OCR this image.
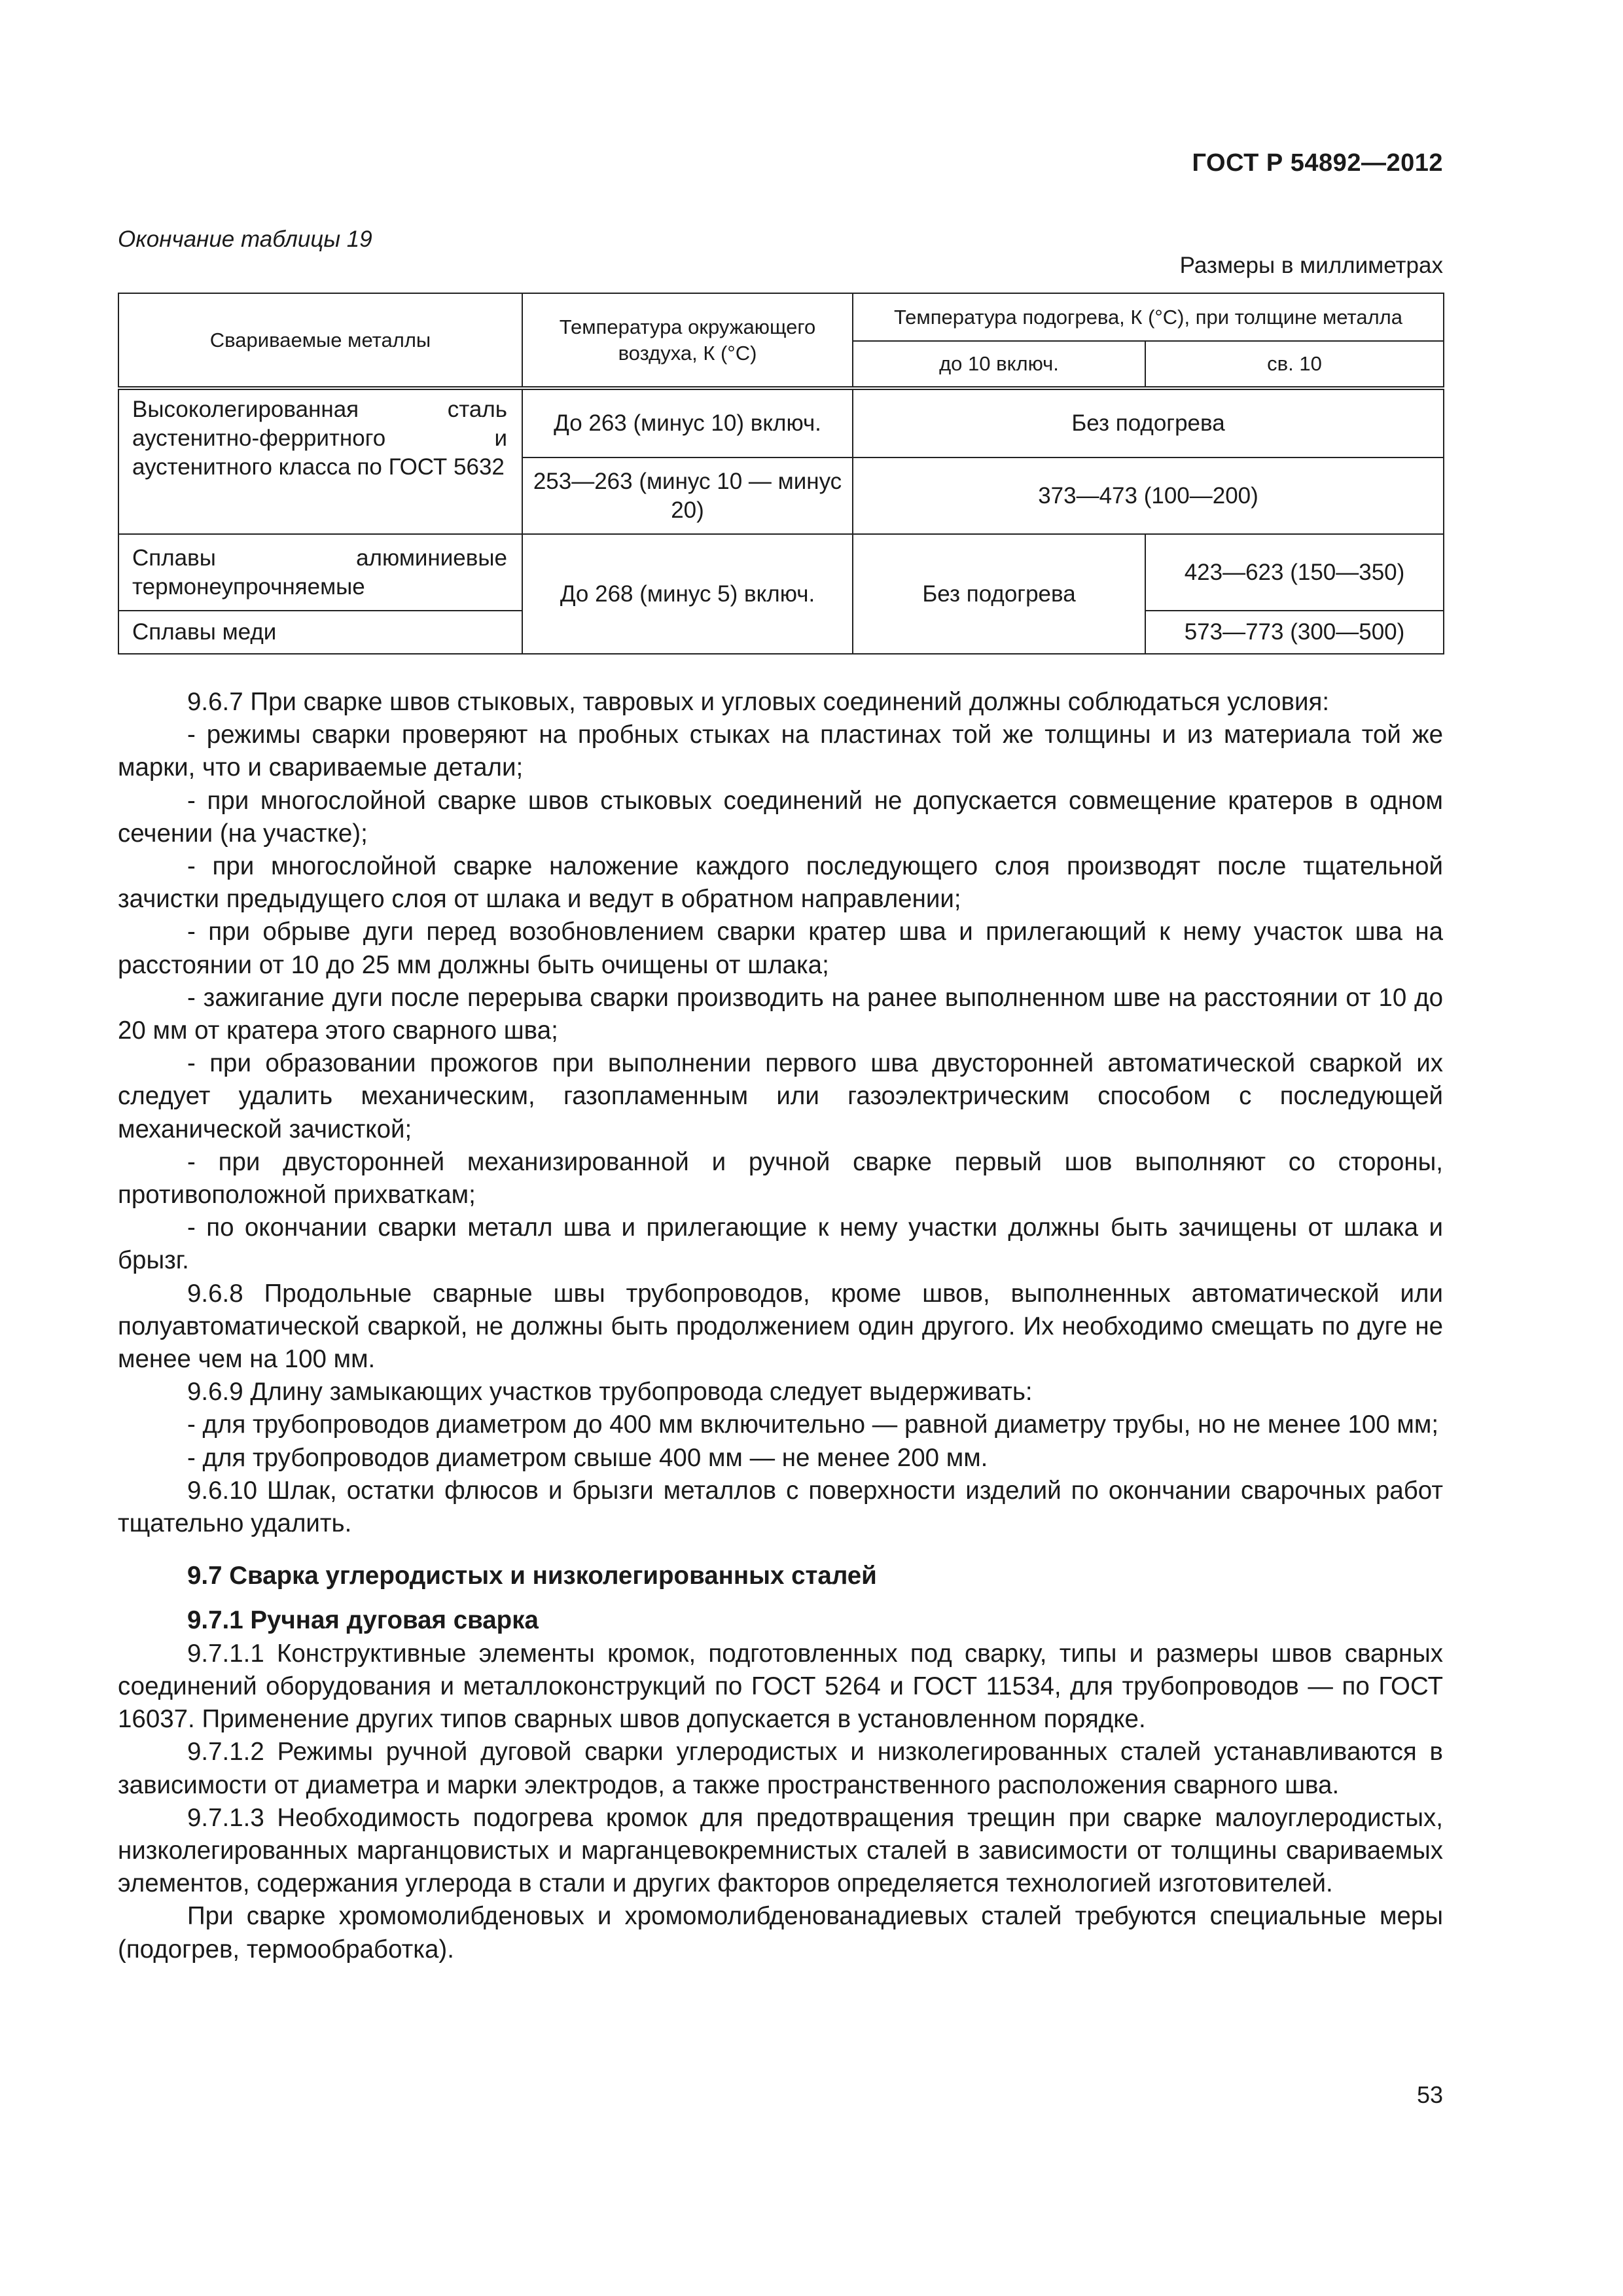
ГОСТ Р 54892—2012
Окончание таблицы 19
Размеры в миллиметрах
Свариваемые металлы	Температура окружающего воздуха, К (°С)	Температура подогрева, К (°С), при толщине металла	
		до 10 включ.	св. 10
Высоколегированная сталь аустенитно-ферритного и аустенитного класса по ГОСТ 5632	До 263 (минус 10) включ.	Без подогрева	
	253—263 (минус 10 — минус 20)	373—473 (100—200)	
Сплавы алюминиевые термонеупрочняемые	До 268 (минус 5) включ.	Без подогрева	423—623 (150—350)
Сплавы меди			573—773 (300—500)

9.6.7 При сварке швов стыковых, тавровых и угловых соединений должны соблюдаться условия:

- режимы сварки проверяют на пробных стыках на пластинах той же толщины и из материала той же марки, что и свариваемые детали;

- при многослойной сварке швов стыковых соединений не допускается совмещение кратеров в одном сечении (на участке);

- при многослойной сварке наложение каждого последующего слоя производят после тщательной зачистки предыдущего слоя от шлака и ведут в обратном направлении;

- при обрыве дуги перед возобновлением сварки кратер шва и прилегающий к нему участок шва на расстоянии от 10 до 25 мм должны быть очищены от шлака;

- зажигание дуги после перерыва сварки производить на ранее выполненном шве на расстоянии от 10 до 20 мм от кратера этого сварного шва;

- при образовании прожогов при выполнении первого шва двусторонней автоматической сваркой их следует удалить механическим, газопламенным или газоэлектрическим способом с последующей механической зачисткой;

- при двусторонней механизированной и ручной сварке первый шов выполняют со стороны, противоположной прихваткам;

- по окончании сварки металл шва и прилегающие к нему участки должны быть зачищены от шлака и брызг.

9.6.8 Продольные сварные швы трубопроводов, кроме швов, выполненных автоматической или полуавтоматической сваркой, не должны быть продолжением один другого. Их необходимо смещать по дуге не менее чем на 100 мм.

9.6.9 Длину замыкающих участков трубопровода следует выдерживать:

- для трубопроводов диаметром до 400 мм включительно — равной диаметру трубы, но не менее 100 мм;

- для трубопроводов диаметром свыше 400 мм — не менее 200 мм.

9.6.10 Шлак, остатки флюсов и брызги металлов с поверхности изделий по окончании сварочных работ тщательно удалить.

9.7 Сварка углеродистых и низколегированных сталей
9.7.1 Ручная дуговая сварка

9.7.1.1 Конструктивные элементы кромок, подготовленных под сварку, типы и размеры швов сварных соединений оборудования и металлоконструкций по ГОСТ 5264 и ГОСТ 11534, для трубопроводов — по ГОСТ 16037. Применение других типов сварных швов допускается в установленном порядке.

9.7.1.2 Режимы ручной дуговой сварки углеродистых и низколегированных сталей устанавливаются в зависимости от диаметра и марки электродов, а также пространственного расположения сварного шва.

9.7.1.3 Необходимость подогрева кромок для предотвращения трещин при сварке малоуглеродистых, низколегированных марганцовистых и марганцевокремнистых сталей в зависимости от толщины свариваемых элементов, содержания углерода в стали и других факторов определяется технологией изготовителей.

При сварке хромомолибденовых и хромомолибденованадиевых сталей требуются специальные меры (подогрев, термообработка).

53
